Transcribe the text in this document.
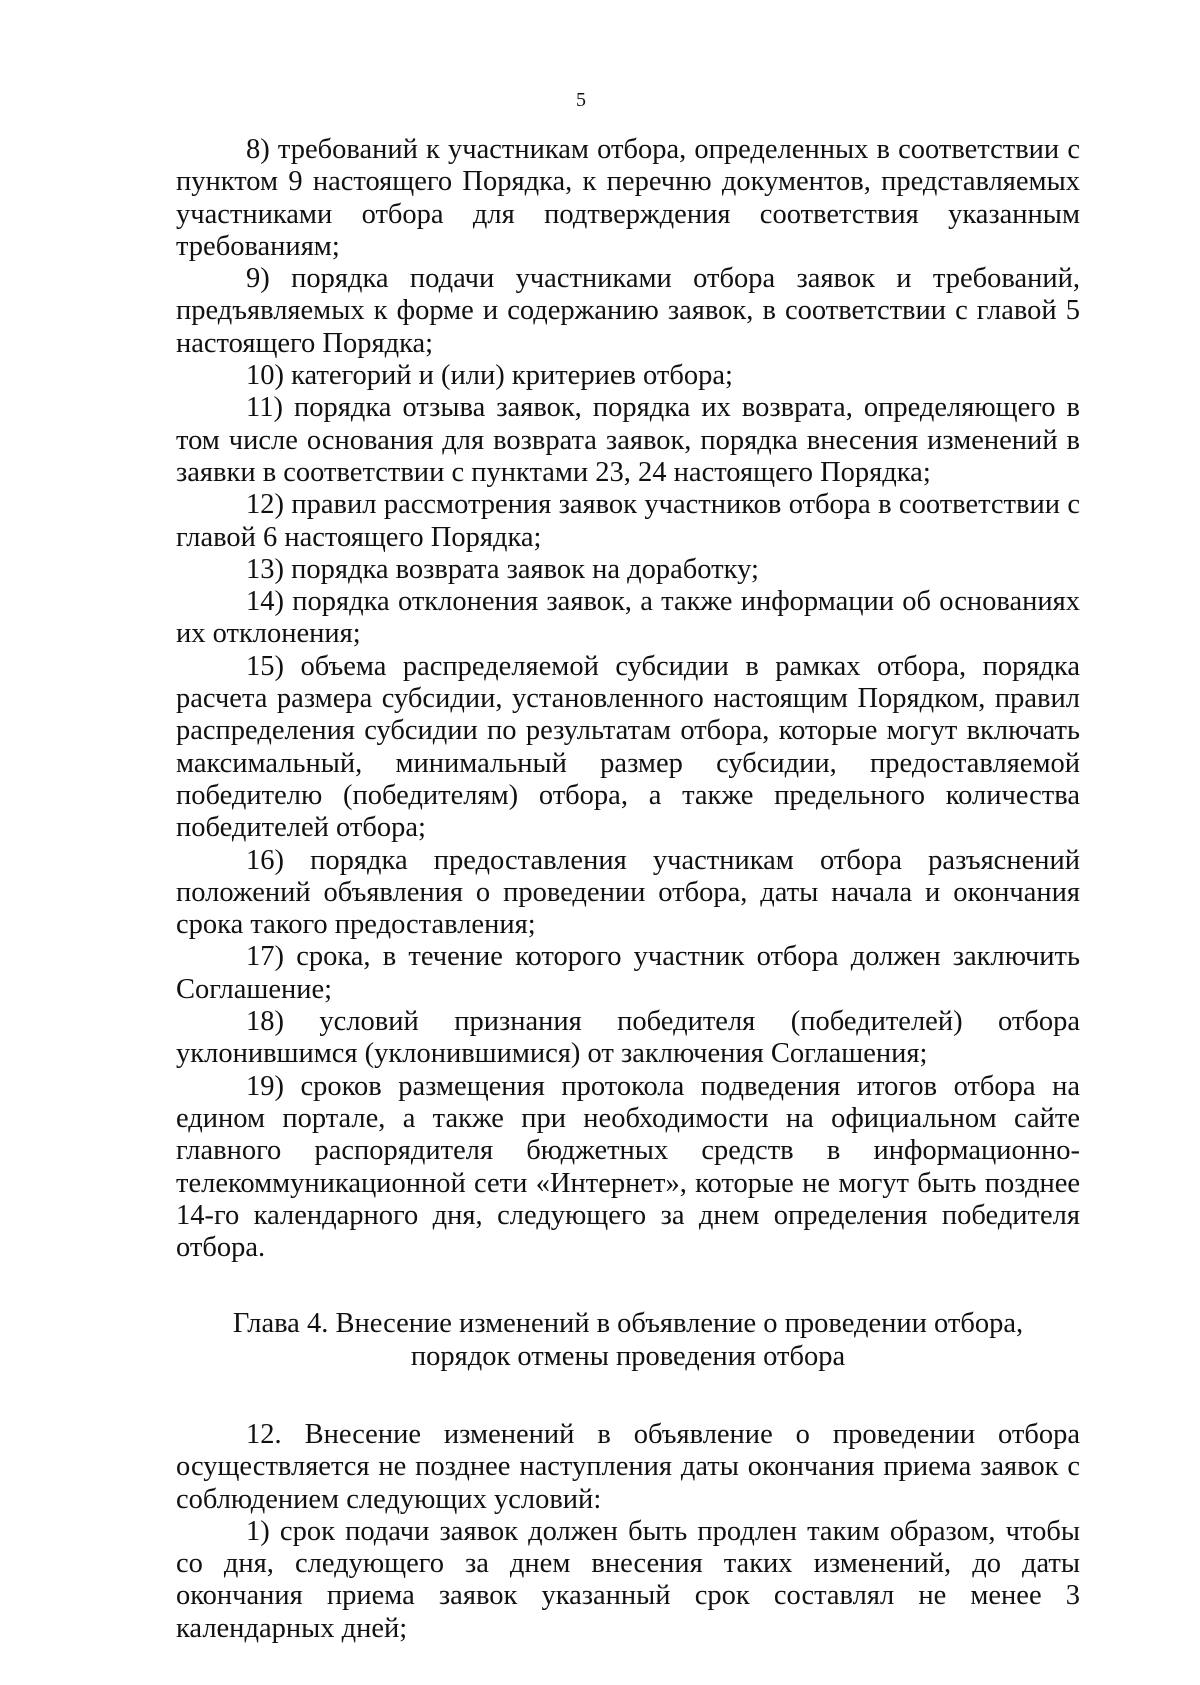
5

8) требований к участникам отбора, определенных в соответствии с пунктом 9 настоящего Порядка, к перечню документов, представляемых участниками отбора для подтверждения соответствия указанным требованиям;

9) порядка подачи участниками отбора заявок и требований, предъявляемых к форме и содержанию заявок, в соответствии с главой 5 настоящего Порядка;

10) категорий и (или) критериев отбора;

11) порядка отзыва заявок, порядка их возврата, определяющего в том числе основания для возврата заявок, порядка внесения изменений в заявки в соответствии с пунктами 23, 24 настоящего Порядка;

12) правил рассмотрения заявок участников отбора в соответствии с главой 6 настоящего Порядка;

13) порядка возврата заявок на доработку;

14) порядка отклонения заявок, а также информации об основаниях их отклонения;

15) объема распределяемой субсидии в рамках отбора, порядка расчета размера субсидии, установленного настоящим Порядком, правил распределения субсидии по результатам отбора, которые могут включать максимальный, минимальный размер субсидии, предоставляемой победителю (победителям) отбора, а также предельного количества победителей отбора;

16) порядка предоставления участникам отбора разъяснений положений объявления о проведении отбора, даты начала и окончания срока такого предоставления;

17) срока, в течение которого участник отбора должен заключить Соглашение;

18) условий признания победителя (победителей) отбора уклонившимся (уклонившимися) от заключения Соглашения;

19) сроков размещения протокола подведения итогов отбора на едином портале, а также при необходимости на официальном сайте главного распорядителя бюджетных средств в информационно-телекоммуникационной сети «Интернет», которые не могут быть позднее 14-го календарного дня, следующего за днем определения победителя отбора.

Глава 4. Внесение изменений в объявление о проведении отбора,
порядок отмены проведения отбора

12. Внесение изменений в объявление о проведении отбора осуществляется не позднее наступления даты окончания приема заявок с соблюдением следующих условий:

1) срок подачи заявок должен быть продлен таким образом, чтобы со дня, следующего за днем внесения таких изменений, до даты окончания приема заявок указанный срок составлял не менее 3 календарных дней;
